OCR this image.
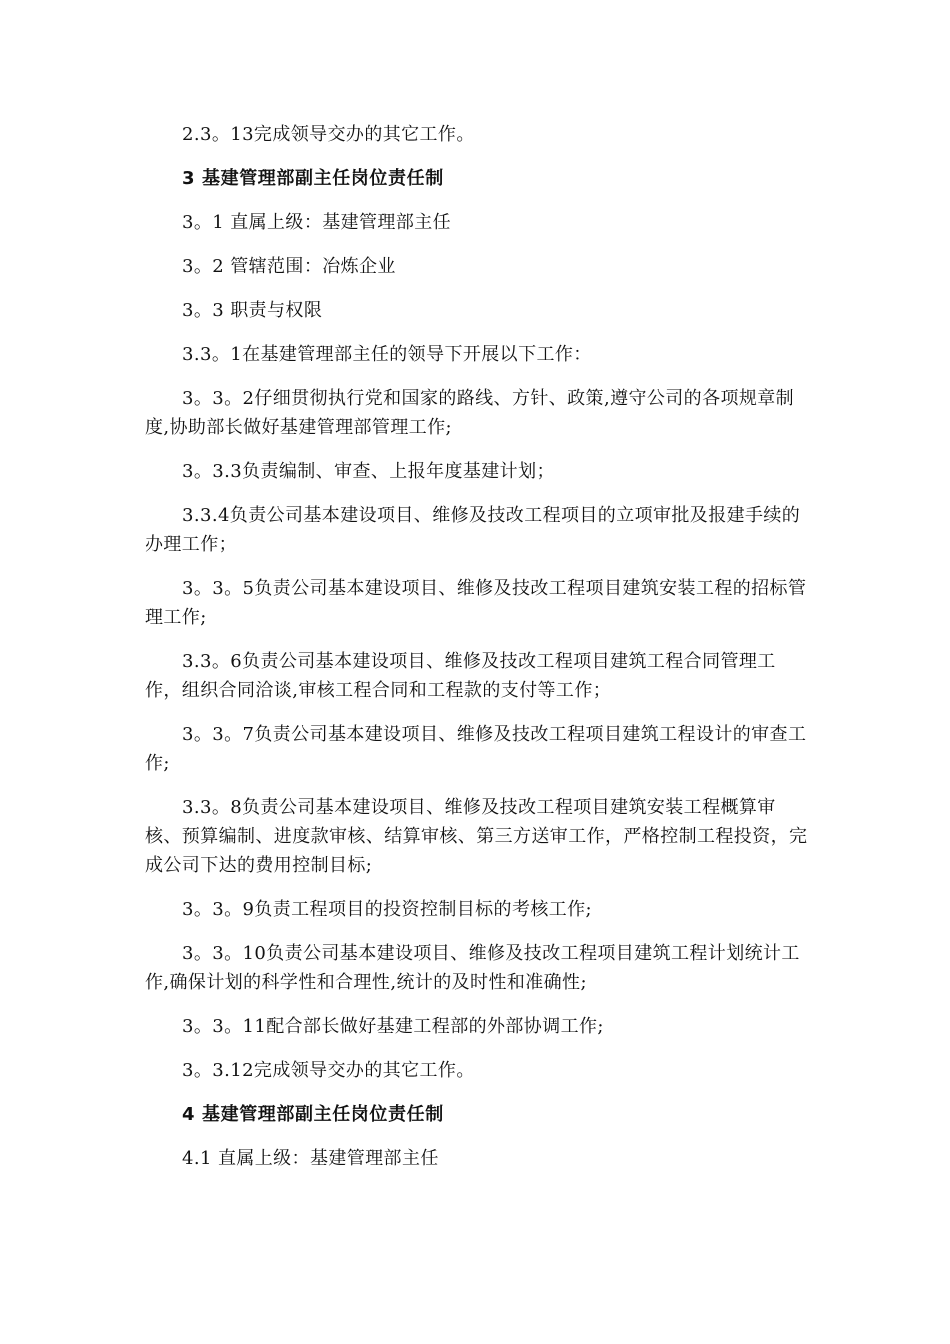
2.3。13完成领导交办的其它工作。

3 基建管理部副主任岗位责任制

3。1 直属上级：基建管理部主任

3。2 管辖范围：冶炼企业

3。3 职责与权限

3.3。1在基建管理部主任的领导下开展以下工作：

3。3。2仔细贯彻执行党和国家的路线、方针、政策,遵守公司的各项规章制度,协助部长做好基建管理部管理工作;

3。3.3负责编制、审查、上报年度基建计划；

3.3.4负责公司基本建设项目、维修及技改工程项目的立项审批及报建手续的办理工作；

3。3。5负责公司基本建设项目、维修及技改工程项目建筑安装工程的招标管理工作;

3.3。6负责公司基本建设项目、维修及技改工程项目建筑工程合同管理工作，组织合同洽谈,审核工程合同和工程款的支付等工作；

3。3。7负责公司基本建设项目、维修及技改工程项目建筑工程设计的审查工作;

3.3。8负责公司基本建设项目、维修及技改工程项目建筑安装工程概算审核、预算编制、进度款审核、结算审核、第三方送审工作，严格控制工程投资，完成公司下达的费用控制目标;

3。3。9负责工程项目的投资控制目标的考核工作;

3。3。10负责公司基本建设项目、维修及技改工程项目建筑工程计划统计工作,确保计划的科学性和合理性,统计的及时性和准确性;

3。3。11配合部长做好基建工程部的外部协调工作;

3。3.12完成领导交办的其它工作。

4 基建管理部副主任岗位责任制

4.1 直属上级：基建管理部主任
